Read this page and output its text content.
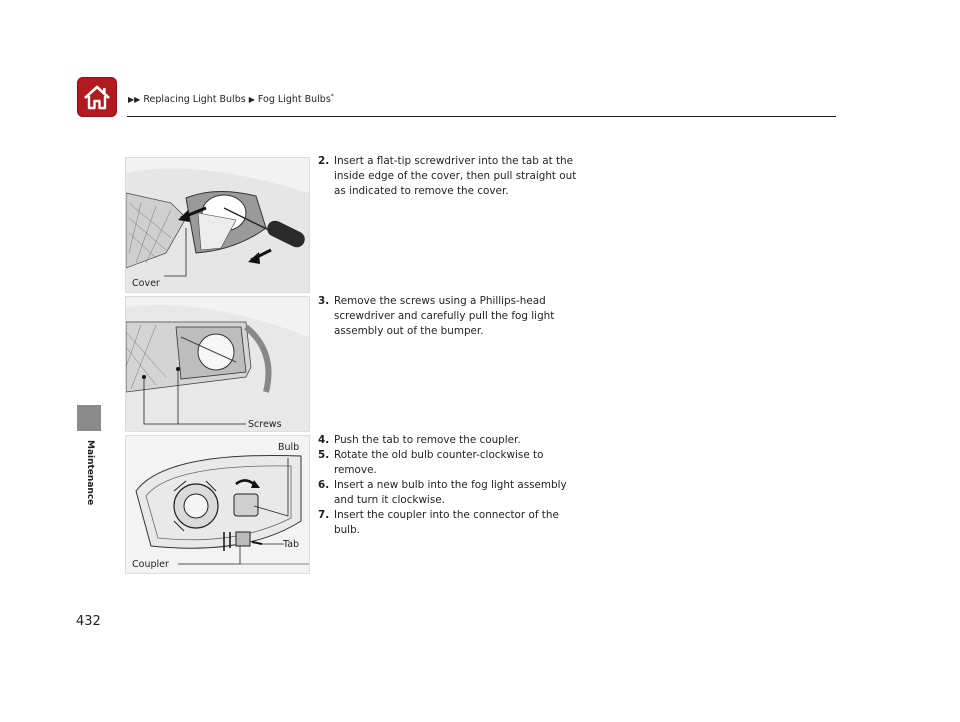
▶▶ Replacing Light Bulbs ▶ Fog Light Bulbs*
Maintenance
Cover
Screws
Bulb
Tab
Coupler
2. Insert a flat-tip screwdriver into the tab at the inside edge of the cover, then pull straight out as indicated to remove the cover.
3. Remove the screws using a Phillips-head screwdriver and carefully pull the fog light assembly out of the bumper.
4. Push the tab to remove the coupler.
5. Rotate the old bulb counter-clockwise to remove.
6. Insert a new bulb into the fog light assembly and turn it clockwise.
7. Insert the coupler into the connector of the bulb.
432
